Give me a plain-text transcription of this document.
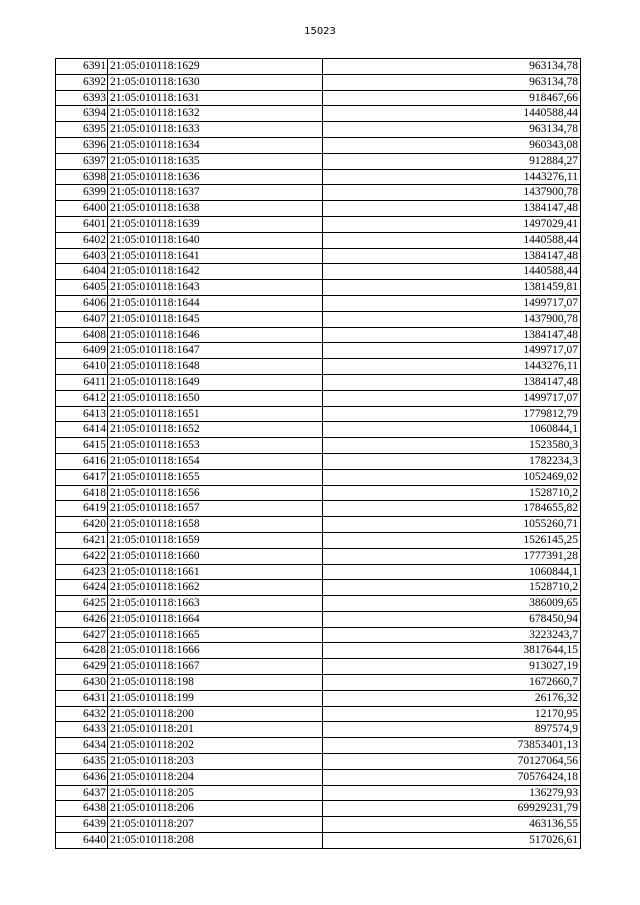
15023
6391	21:05:010118:1629	963134,78
6392	21:05:010118:1630	963134,78
6393	21:05:010118:1631	918467,66
6394	21:05:010118:1632	1440588,44
6395	21:05:010118:1633	963134,78
6396	21:05:010118:1634	960343,08
6397	21:05:010118:1635	912884,27
6398	21:05:010118:1636	1443276,11
6399	21:05:010118:1637	1437900,78
6400	21:05:010118:1638	1384147,48
6401	21:05:010118:1639	1497029,41
6402	21:05:010118:1640	1440588,44
6403	21:05:010118:1641	1384147,48
6404	21:05:010118:1642	1440588,44
6405	21:05:010118:1643	1381459,81
6406	21:05:010118:1644	1499717,07
6407	21:05:010118:1645	1437900,78
6408	21:05:010118:1646	1384147,48
6409	21:05:010118:1647	1499717,07
6410	21:05:010118:1648	1443276,11
6411	21:05:010118:1649	1384147,48
6412	21:05:010118:1650	1499717,07
6413	21:05:010118:1651	1779812,79
6414	21:05:010118:1652	1060844,1
6415	21:05:010118:1653	1523580,3
6416	21:05:010118:1654	1782234,3
6417	21:05:010118:1655	1052469,02
6418	21:05:010118:1656	1528710,2
6419	21:05:010118:1657	1784655,82
6420	21:05:010118:1658	1055260,71
6421	21:05:010118:1659	1526145,25
6422	21:05:010118:1660	1777391,28
6423	21:05:010118:1661	1060844,1
6424	21:05:010118:1662	1528710,2
6425	21:05:010118:1663	386009,65
6426	21:05:010118:1664	678450,94
6427	21:05:010118:1665	3223243,7
6428	21:05:010118:1666	3817644,15
6429	21:05:010118:1667	913027,19
6430	21:05:010118:198	1672660,7
6431	21:05:010118:199	26176,32
6432	21:05:010118:200	12170,95
6433	21:05:010118:201	897574,9
6434	21:05:010118:202	73853401,13
6435	21:05:010118:203	70127064,56
6436	21:05:010118:204	70576424,18
6437	21:05:010118:205	136279,93
6438	21:05:010118:206	69929231,79
6439	21:05:010118:207	463136,55
6440	21:05:010118:208	517026,61
